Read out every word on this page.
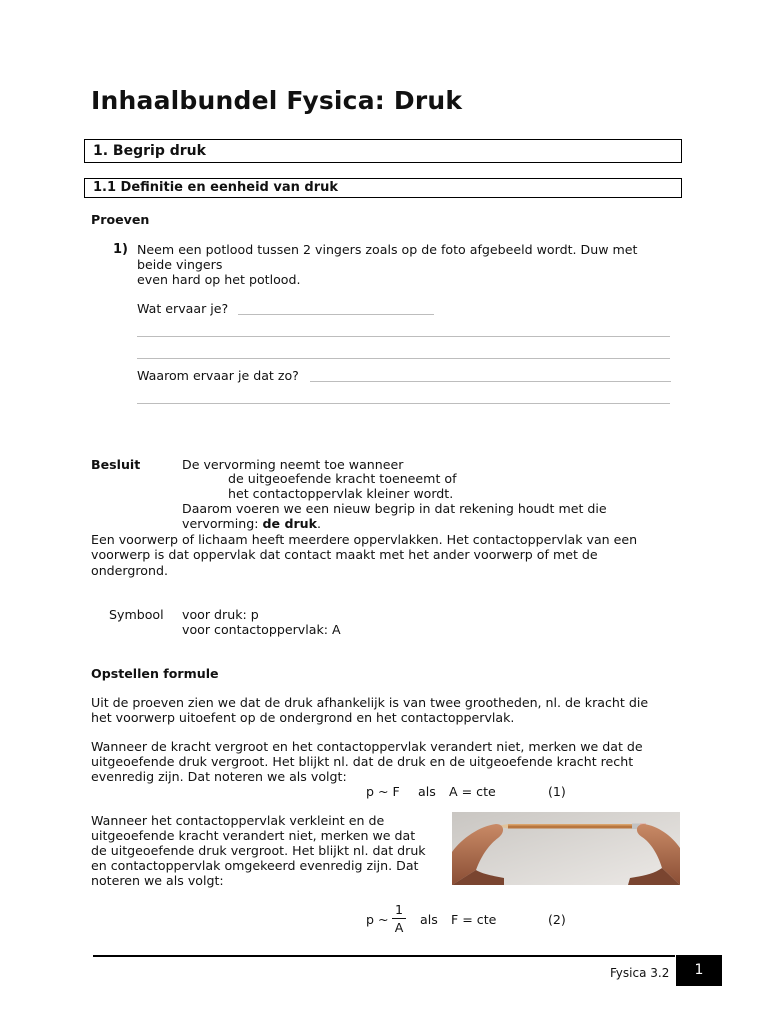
Inhaalbundel Fysica: Druk
1. Begrip druk
1.1 Definitie en eenheid van druk
Proeven
1) Neem een potlood tussen 2 vingers zoals op de foto afgebeeld wordt. Duw met
beide vingers
even hard op het potlood.
Wat ervaar je?
Waarom ervaar je dat zo?
Besluit	De vervorming neemt toe wanneer
de uitgeoefende kracht toeneemt of
het contactoppervlak kleiner wordt.
Daarom voeren we een nieuw begrip in dat rekening houdt met die
vervorming: de druk.
Een voorwerp of lichaam heeft meerdere oppervlakken. Het contactoppervlak van een
voorwerp is dat oppervlak dat contact maakt met het ander voorwerp of met de
ondergrond.
Symbool voor druk: p
voor contactoppervlak: A
Opstellen formule
Uit de proeven zien we dat de druk afhankelijk is van twee grootheden, nl. de kracht die
het voorwerp uitoefent op de ondergrond en het contactoppervlak.
Wanneer de kracht vergroot en het contactoppervlak verandert niet, merken we dat de
uitgeoefende druk vergroot. Het blijkt nl. dat de druk en de uitgeoefende kracht recht
evenredig zijn. Dat noteren we als volgt:
p ~ F als A = cte	(1)
Wanneer het contactoppervlak verkleint en de
uitgeoefende kracht verandert niet, merken we dat
de uitgeoefende druk vergroot. Het blijkt nl. dat druk
en contactoppervlak omgekeerd evenredig zijn. Dat
noteren we als volgt:
p ~
1
A
als F = cte	(2)
Fysica 3.2	1
